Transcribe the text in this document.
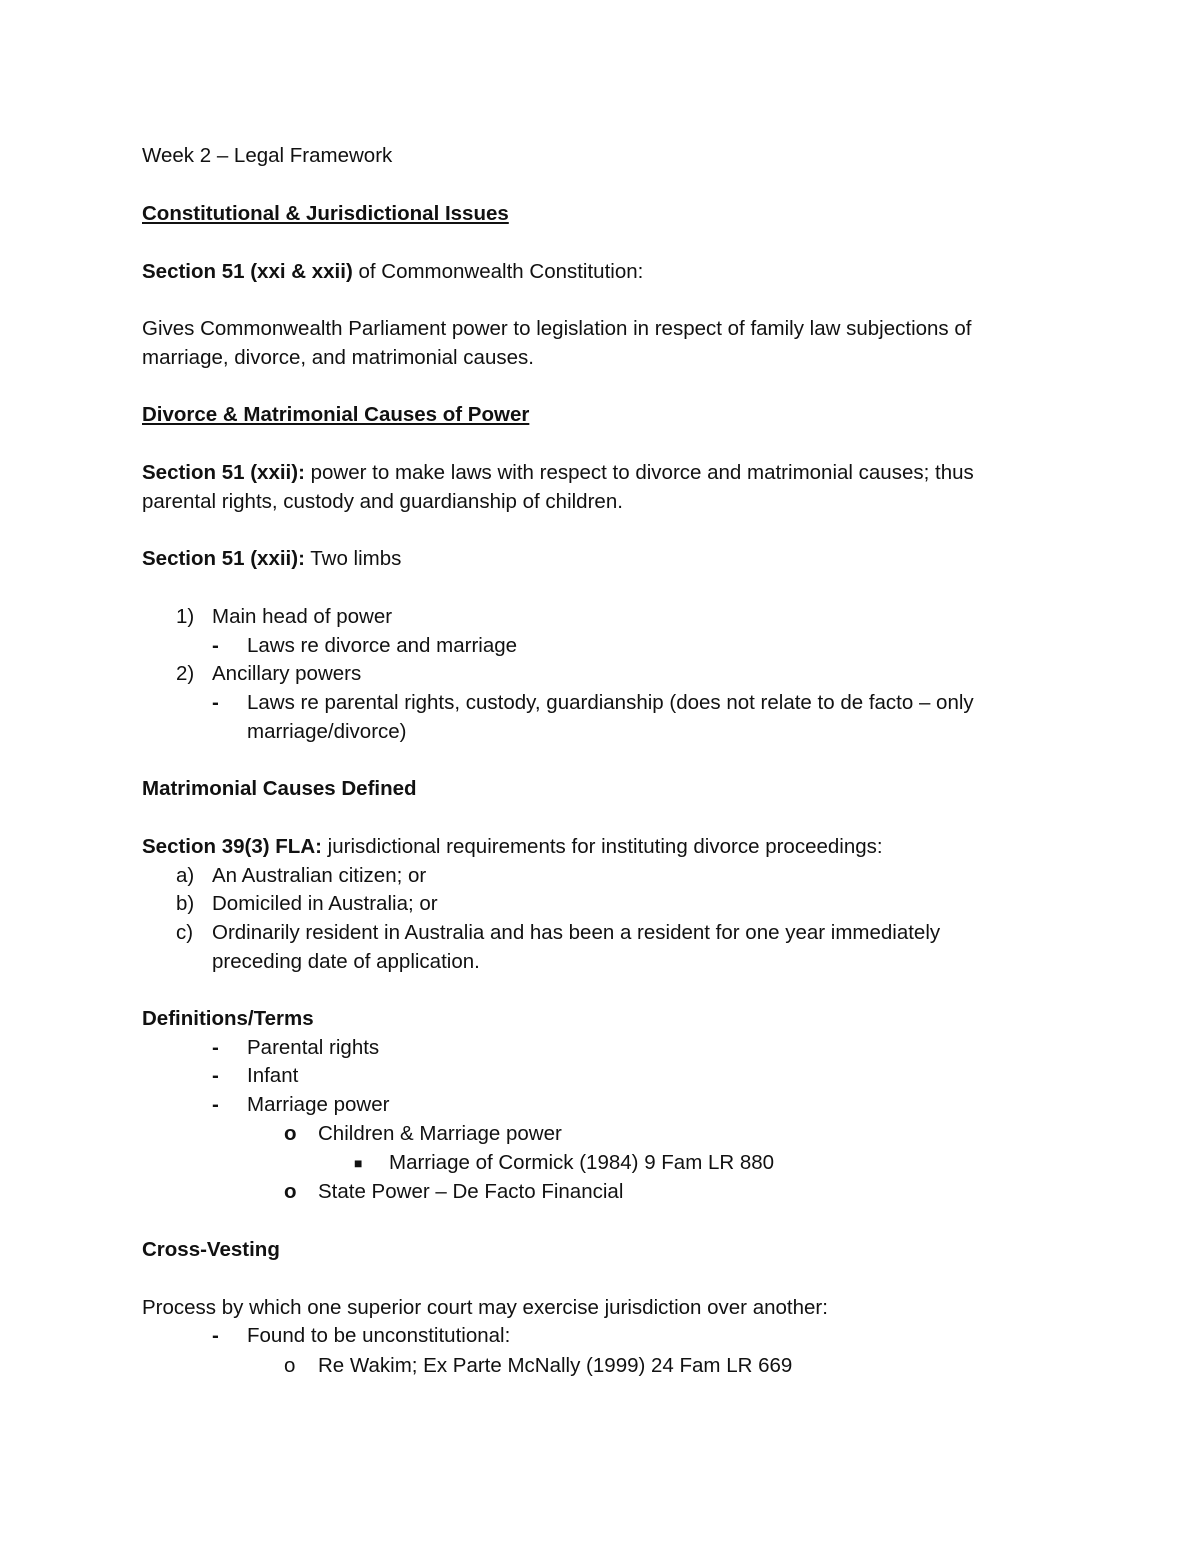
Week 2 – Legal Framework
Constitutional & Jurisdictional Issues
Section 51 (xxi & xxii) of Commonwealth Constitution:
Gives Commonwealth Parliament power to legislation in respect of family law subjections of
marriage, divorce, and matrimonial causes.
Divorce & Matrimonial Causes of Power
Section 51 (xxii): power to make laws with respect to divorce and matrimonial causes; thus
parental rights, custody and guardianship of children.
Section 51 (xxii): Two limbs
1) Main head of power
- Laws re divorce and marriage
2) Ancillary powers
- Laws re parental rights, custody, guardianship (does not relate to de facto – only
marriage/divorce)
Matrimonial Causes Defined
Section 39(3) FLA: jurisdictional requirements for instituting divorce proceedings:
a) An Australian citizen; or
b) Domiciled in Australia; or
c) Ordinarily resident in Australia and has been a resident for one year immediately
preceding date of application.
Definitions/Terms
- Parental rights
- Infant
- Marriage power
o Children & Marriage power
■ Marriage of Cormick (1984) 9 Fam LR 880
o State Power – De Facto Financial
Cross-Vesting
Process by which one superior court may exercise jurisdiction over another:
- Found to be unconstitutional:
o Re Wakim; Ex Parte McNally (1999) 24 Fam LR 669
